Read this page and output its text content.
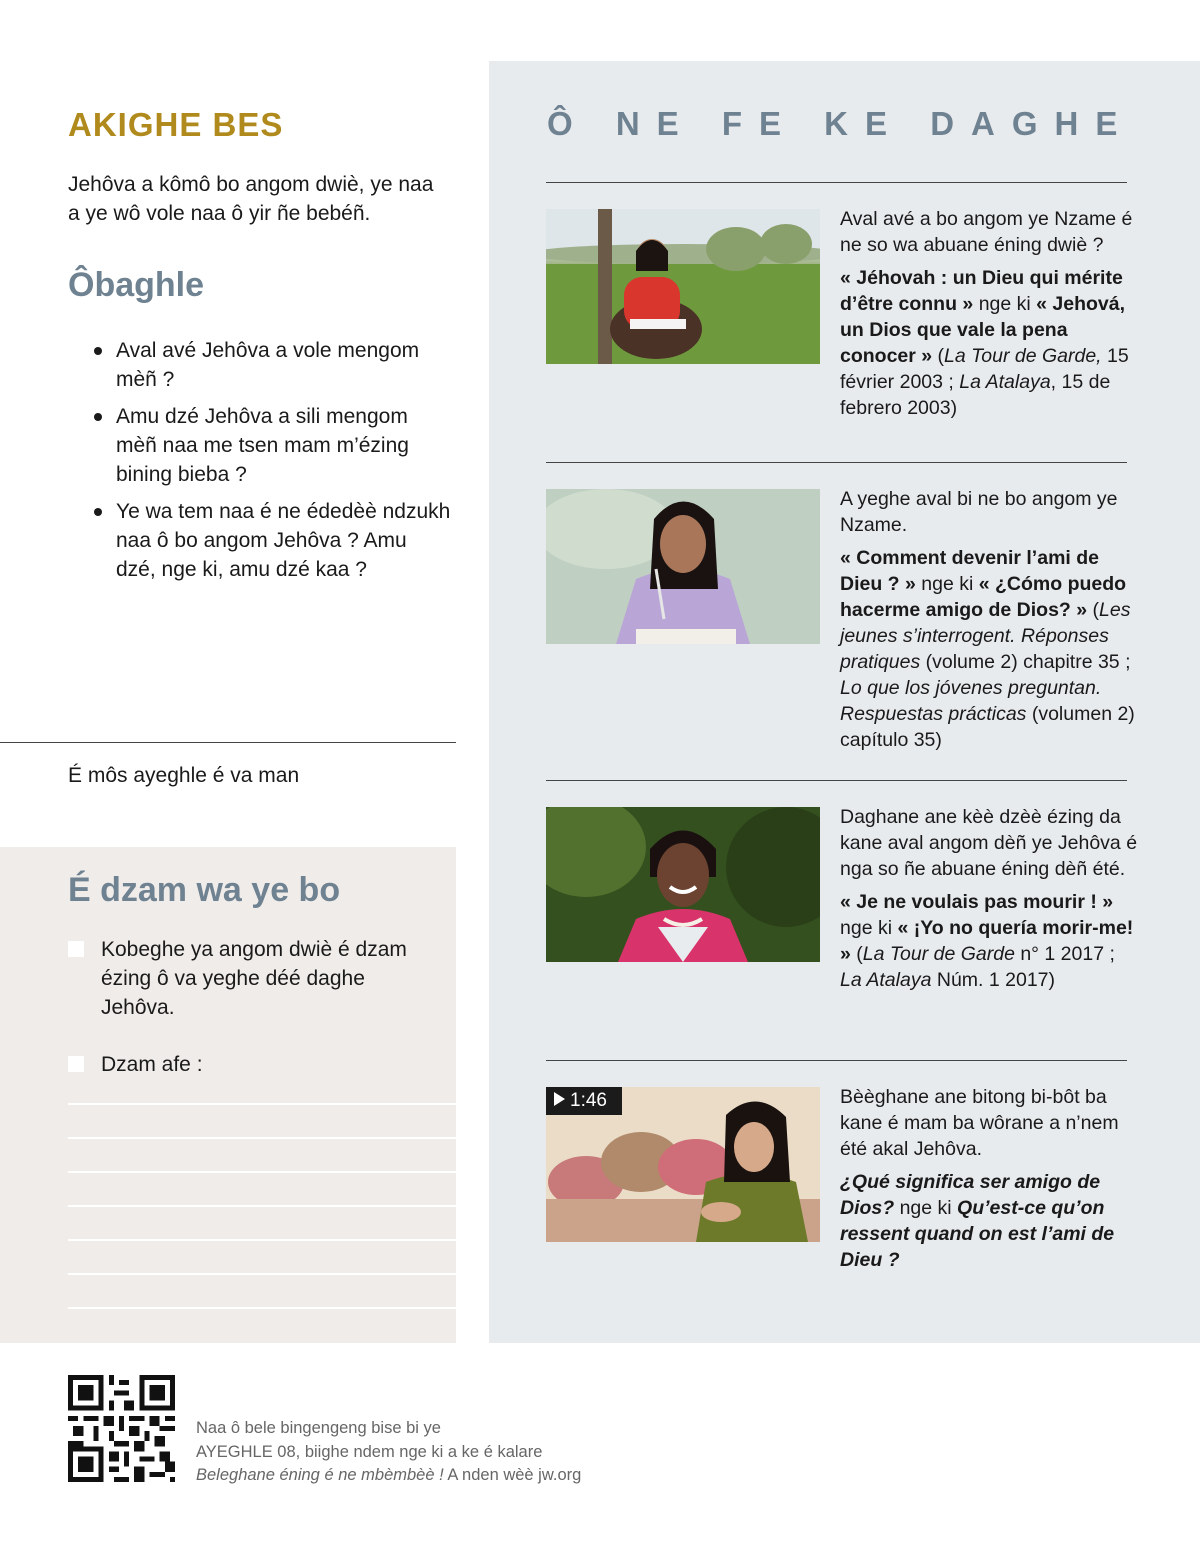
AKIGHE BES

Jehôva a kômô bo angom dwiè, ye naa a ye wô vole naa ô yir ñe bebéñ.

Ôbaghle
Aval avé Jehôva a vole mengom mèñ ?
Amu dzé Jehôva a sili mengom mèñ naa me tsen mam m’ézing bining bieba ?
Ye wa tem naa é ne édedèè ndzukh naa ô bo angom Jehôva ? Amu dzé, nge ki, amu dzé kaa ?
É môs ayeghle é va man
É dzam wa ye bo
Kobeghe ya angom dwiè é dzam ézing ô va yeghe déé daghe Jehôva.
Dzam afe :
Ô NE FE KE DAGHE

Aval avé a bo angom ye Nzame é ne so wa abuane éning dwiè ?

« Jéhovah : un Dieu qui mérite d’être connu » nge ki « Jehová, un Dios que vale la pena conocer » (La Tour de Garde, 15 février 2003 ; La Atalaya, 15 de febrero 2003)

A yeghe aval bi ne bo angom ye Nzame.

« Comment devenir l’ami de Dieu ? » nge ki « ¿Cómo puedo hacerme amigo de Dios? » (Les jeunes s’interrogent. Réponses pratiques (volume 2) chapitre 35 ; Lo que los jóvenes preguntan. Respuestas prácticas (volumen 2) capítulo 35)

Daghane ane kèè dzèè ézing da kane aval angom dèñ ye Jehôva é nga so ñe abuane éning dèñ été.

« Je ne voulais pas mourir ! » nge ki « ¡Yo no quería morir-me! » (La Tour de Garde n° 1 2017 ; La Atalaya Núm. 1 2017)

1:46	Bèèghane ane bitong bi-bôt ba kane é mam ba wôrane a n’nem été akal Jehôva.

¿Qué significa ser amigo de Dios? nge ki Qu’est-ce qu’on ressent quand on est l’ami de Dieu ?

Naa ô bele bingengeng bise bi ye
AYEGHLE 08, biighe ndem nge ki a ke é kalare
Beleghane éning é ne mbèmbèè ! A nden wèè jw.org
